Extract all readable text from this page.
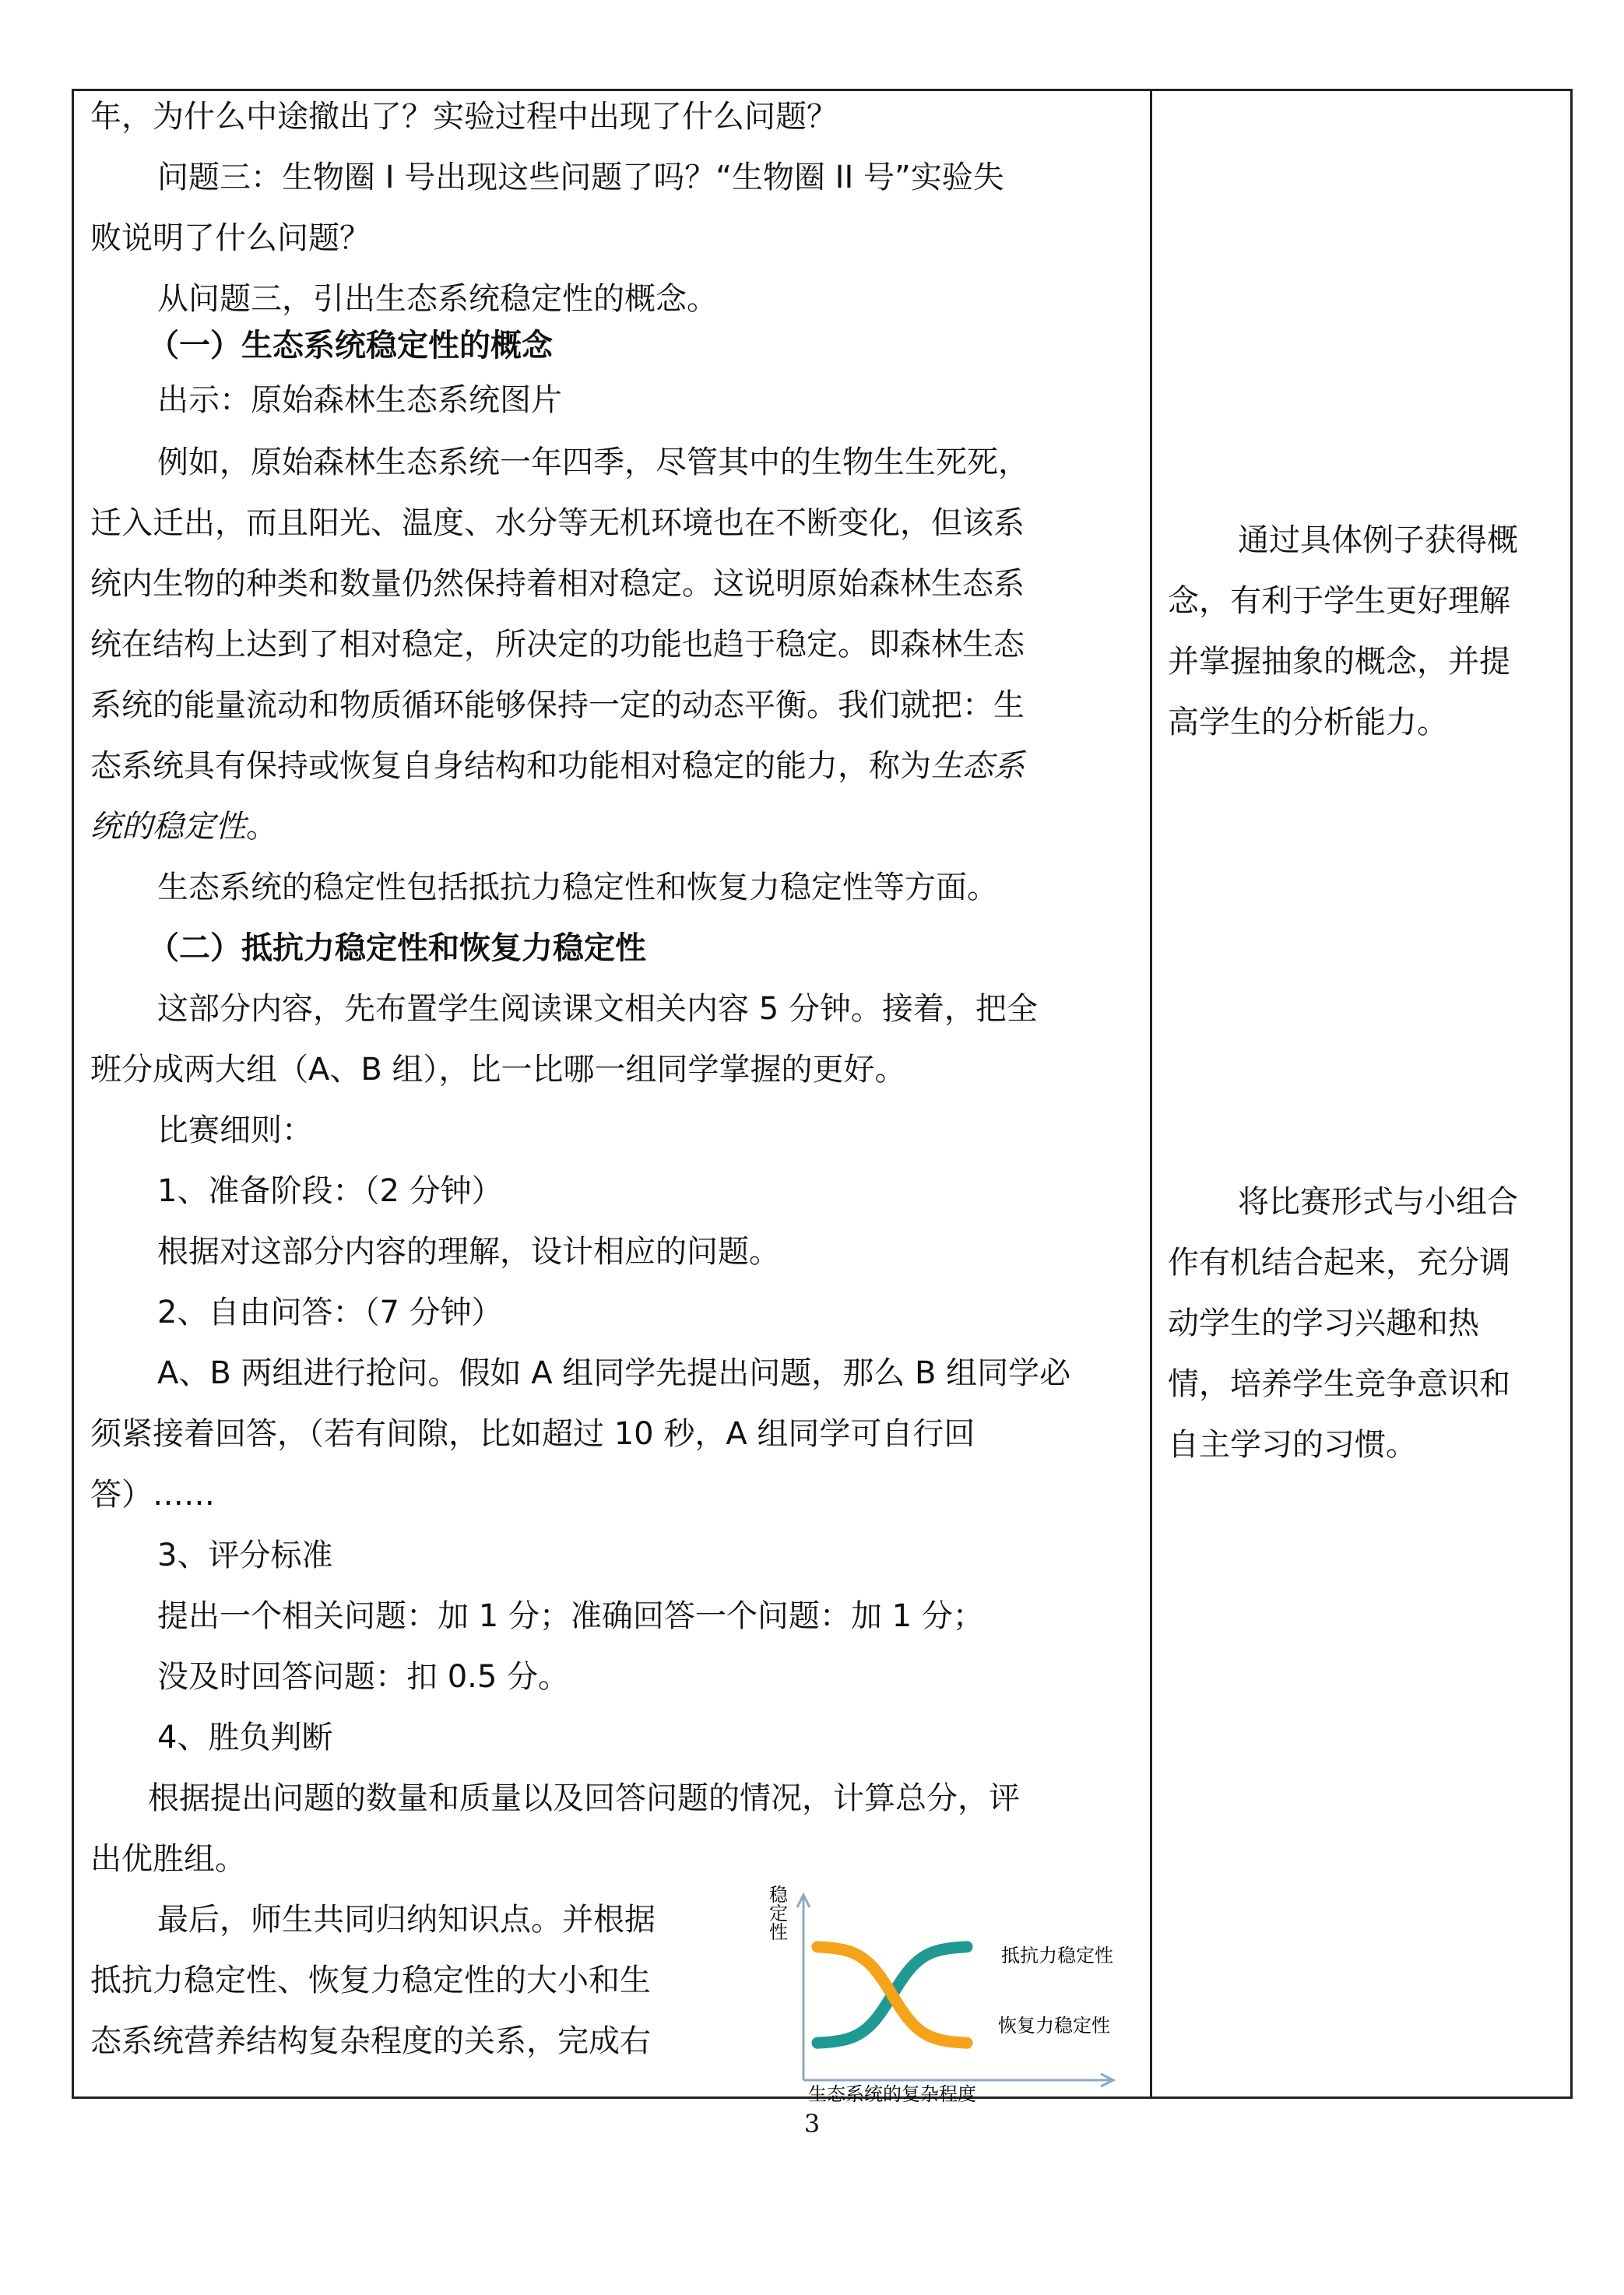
年，为什么中途撤出了？实验过程中出现了什么问题？
问题三：生物圈 I 号出现这些问题了吗？“生物圈 II 号”实验失
败说明了什么问题？
从问题三，引出生态系统稳定性的概念。
（一）生态系统稳定性的概念
出示：原始森林生态系统图片
例如，原始森林生态系统一年四季，尽管其中的生物生生死死，
迁入迁出，而且阳光、温度、水分等无机环境也在不断变化，但该系
统内生物的种类和数量仍然保持着相对稳定。这说明原始森林生态系
统在结构上达到了相对稳定，所决定的功能也趋于稳定。即森林生态
系统的能量流动和物质循环能够保持一定的动态平衡。我们就把：生
态系统具有保持或恢复自身结构和功能相对稳定的能力，称为生态系
统的稳定性。
生态系统的稳定性包括抵抗力稳定性和恢复力稳定性等方面。
（二）抵抗力稳定性和恢复力稳定性
这部分内容，先布置学生阅读课文相关内容 5 分钟。接着，把全
班分成两大组（A、B 组），比一比哪一组同学掌握的更好。
比赛细则：
1、准备阶段：（2 分钟）
根据对这部分内容的理解，设计相应的问题。
2、自由问答：（7 分钟）
A、B 两组进行抢问。假如 A 组同学先提出问题，那么 B 组同学必
须紧接着回答，（若有间隙，比如超过 10 秒，A 组同学可自行回
答）……
3、评分标准
提出一个相关问题：加 1 分；准确回答一个问题：加 1 分；
没及时回答问题：扣 0.5 分。
4、胜负判断
根据提出问题的数量和质量以及回答问题的情况，计算总分，评
出优胜组。
最后，师生共同归纳知识点。并根据
抵抗力稳定性、恢复力稳定性的大小和生
态系统营养结构复杂程度的关系，完成右
通过具体例子获得概
念，有利于学生更好理解
并掌握抽象的概念，并提
高学生的分析能力。
将比赛形式与小组合
作有机结合起来，充分调
动学生的学习兴趣和热
情，培养学生竞争意识和
自主学习的习惯。
稳
定
性
抵抗力稳定性
恢复力稳定性
生态系统的复杂程度
3
